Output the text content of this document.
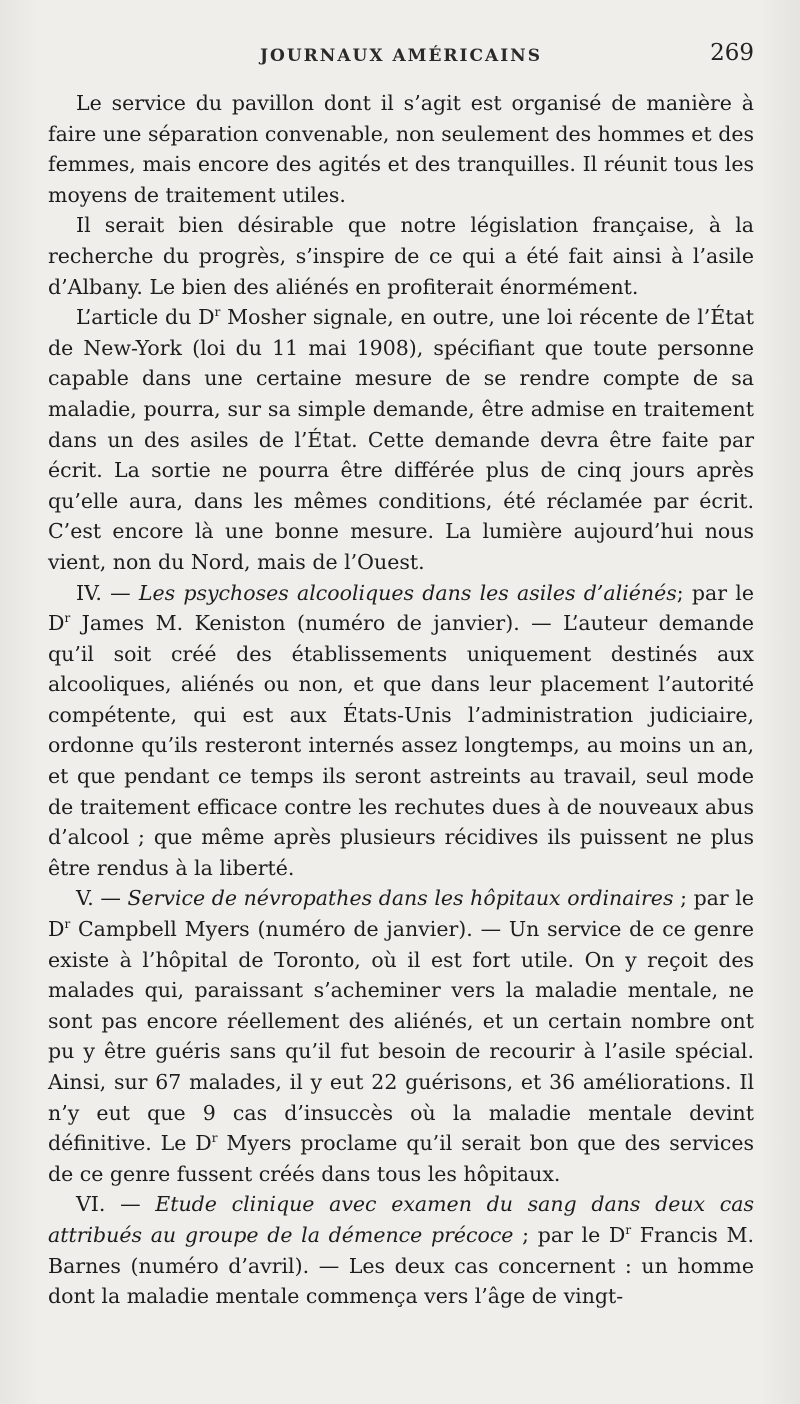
JOURNAUX AMÉRICAINS	269

Le service du pavillon dont il s’agit est organisé de manière à faire une séparation convenable, non seulement des hommes et des femmes, mais encore des agités et des tranquilles. Il réunit tous les moyens de traitement utiles.

Il serait bien désirable que notre législation française, à la recherche du progrès, s’inspire de ce qui a été fait ainsi à l’asile d’Albany. Le bien des aliénés en profiterait énormément.

L’article du $D^r$ Mosher signale, en outre, une loi récente de l’État de New-York (loi du 11 mai 1908), spécifiant que toute personne capable dans une certaine mesure de se rendre compte de sa maladie, pourra, sur sa simple demande, être admise en traitement dans un des asiles de l’État. Cette demande devra être faite par écrit. La sortie ne pourra être différée plus de cinq jours après qu’elle aura, dans les mêmes conditions, été réclamée par écrit. C’est encore là une bonne mesure. La lumière aujourd’hui nous vient, non du Nord, mais de l’Ouest.

IV. — Les psychoses alcooliques dans les asiles d’aliénés; par le $D^r$ James M. Keniston (numéro de janvier). — L’auteur demande qu’il soit créé des établissements uniquement destinés aux alcooliques, aliénés ou non, et que dans leur placement l’autorité compétente, qui est aux États-Unis l’administration judiciaire, ordonne qu’ils resteront internés assez longtemps, au moins un an, et que pendant ce temps ils seront astreints au travail, seul mode de traitement efficace contre les rechutes dues à de nouveaux abus d’alcool ; que même après plusieurs récidives ils puissent ne plus être rendus à la liberté.

V. — Service de névropathes dans les hôpitaux ordinaires ; par le $D^r$ Campbell Myers (numéro de janvier). — Un service de ce genre existe à l’hôpital de Toronto, où il est fort utile. On y reçoit des malades qui, paraissant s’acheminer vers la maladie mentale, ne sont pas encore réellement des aliénés, et un certain nombre ont pu y être guéris sans qu’il fut besoin de recourir à l’asile spécial. Ainsi, sur 67 malades, il y eut 22 guérisons, et 36 améliorations. Il n’y eut que 9 cas d’insuccès où la maladie mentale devint définitive. Le $D^r$ Myers proclame qu’il serait bon que des services de ce genre fussent créés dans tous les hôpitaux.

VI. — Etude clinique avec examen du sang dans deux cas attribués au groupe de la démence précoce ; par le $D^r$ Francis M. Barnes (numéro d’avril). — Les deux cas concernent : un homme dont la maladie mentale commença vers l’âge de vingt-
